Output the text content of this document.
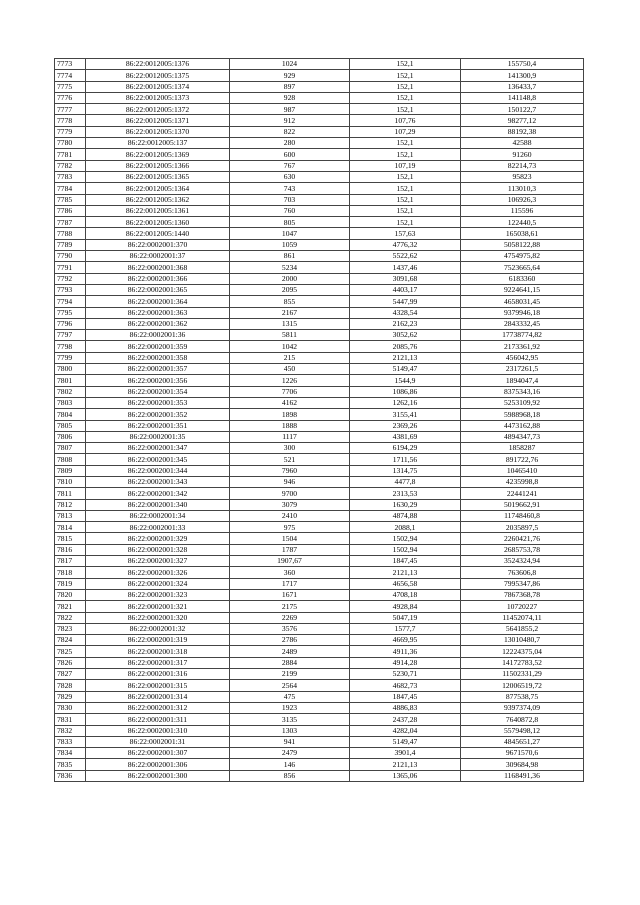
7773	86:22:0012005:1376	1024	152,1	155750,4
7774	86:22:0012005:1375	929	152,1	141300,9
7775	86:22:0012005:1374	897	152,1	136433,7
7776	86:22:0012005:1373	928	152,1	141148,8
7777	86:22:0012005:1372	987	152,1	150122,7
7778	86:22:0012005:1371	912	107,76	98277,12
7779	86:22:0012005:1370	822	107,29	88192,38
7780	86:22:0012005:137	280	152,1	42588
7781	86:22:0012005:1369	600	152,1	91260
7782	86:22:0012005:1366	767	107,19	82214,73
7783	86:22:0012005:1365	630	152,1	95823
7784	86:22:0012005:1364	743	152,1	113010,3
7785	86:22:0012005:1362	703	152,1	106926,3
7786	86:22:0012005:1361	760	152,1	115596
7787	86:22:0012005:1360	805	152,1	122440,5
7788	86:22:0012005:1440	1047	157,63	165038,61
7789	86:22:0002001:370	1059	4776,32	5058122,88
7790	86:22:0002001:37	861	5522,62	4754975,82
7791	86:22:0002001:368	5234	1437,46	7523665,64
7792	86:22:0002001:366	2000	3091,68	6183360
7793	86:22:0002001:365	2095	4403,17	9224641,15
7794	86:22:0002001:364	855	5447,99	4658031,45
7795	86:22:0002001:363	2167	4328,54	9379946,18
7796	86:22:0002001:362	1315	2162,23	2843332,45
7797	86:22:0002001:36	5811	3052,62	17738774,82
7798	86:22:0002001:359	1042	2085,76	2173361,92
7799	86:22:0002001:358	215	2121,13	456042,95
7800	86:22:0002001:357	450	5149,47	2317261,5
7801	86:22:0002001:356	1226	1544,9	1894047,4
7802	86:22:0002001:354	7706	1086,86	8375343,16
7803	86:22:0002001:353	4162	1262,16	5253109,92
7804	86:22:0002001:352	1898	3155,41	5988968,18
7805	86:22:0002001:351	1888	2369,26	4473162,88
7806	86:22:0002001:35	1117	4381,69	4894347,73
7807	86:22:0002001:347	300	6194,29	1858287
7808	86:22:0002001:345	521	1711,56	891722,76
7809	86:22:0002001:344	7960	1314,75	10465410
7810	86:22:0002001:343	946	4477,8	4235998,8
7811	86:22:0002001:342	9700	2313,53	22441241
7812	86:22:0002001:340	3079	1630,29	5019662,91
7813	86:22:0002001:34	2410	4874,88	11748460,8
7814	86:22:0002001:33	975	2088,1	2035897,5
7815	86:22:0002001:329	1504	1502,94	2260421,76
7816	86:22:0002001:328	1787	1502,94	2685753,78
7817	86:22:0002001:327	1907,67	1847,45	3524324,94
7818	86:22:0002001:326	360	2121,13	763606,8
7819	86:22:0002001:324	1717	4656,58	7995347,86
7820	86:22:0002001:323	1671	4708,18	7867368,78
7821	86:22:0002001:321	2175	4928,84	10720227
7822	86:22:0002001:320	2269	5047,19	11452074,11
7823	86:22:0002001:32	3576	1577,7	5641855,2
7824	86:22:0002001:319	2786	4669,95	13010480,7
7825	86:22:0002001:318	2489	4911,36	12224375,04
7826	86:22:0002001:317	2884	4914,28	14172783,52
7827	86:22:0002001:316	2199	5230,71	11502331,29
7828	86:22:0002001:315	2564	4682,73	12006519,72
7829	86:22:0002001:314	475	1847,45	877538,75
7830	86:22:0002001:312	1923	4886,83	9397374,09
7831	86:22:0002001:311	3135	2437,28	7640872,8
7832	86:22:0002001:310	1303	4282,04	5579498,12
7833	86:22:0002001:31	941	5149,47	4845651,27
7834	86:22:0002001:307	2479	3901,4	9671570,6
7835	86:22:0002001:306	146	2121,13	309684,98
7836	86:22:0002001:300	856	1365,06	1168491,36
